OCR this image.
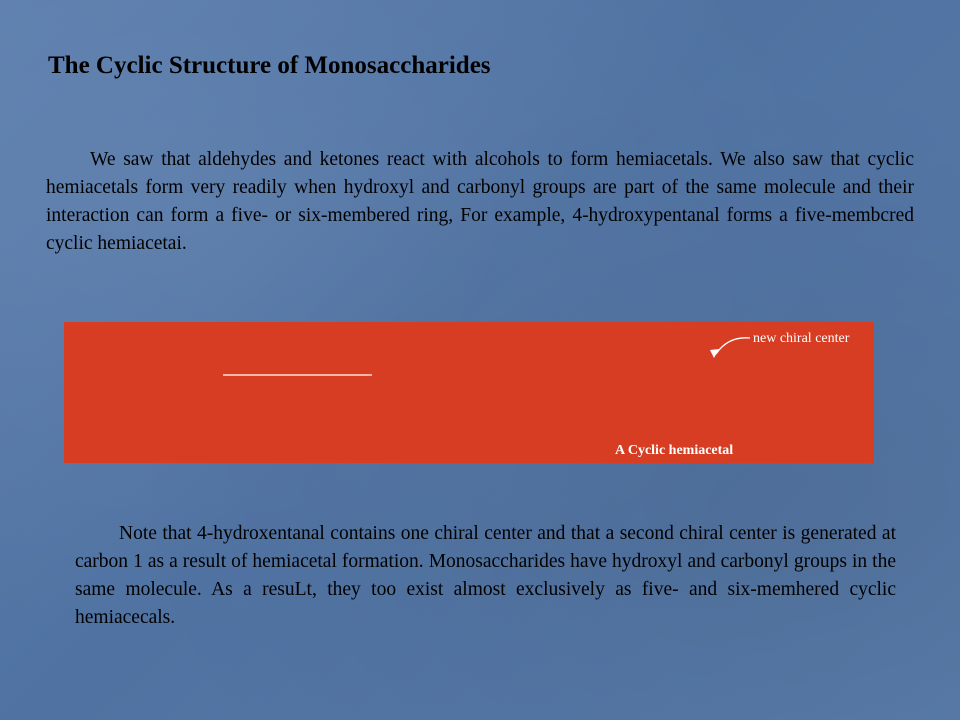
The Cyclic Structure of Monosaccharides

We saw that aldehydes and ketones react with alcohols to form hemiacetals. We also saw that cyclic hemiacetals form very readily when hydroxyl and carbonyl groups are part of the same molecule and their interaction can form a five- or six-membered ring, For example, 4-hydroxypentanal forms a five-membcred cyclic hemiacetai.

new chiral center
A Cyclic hemiacetal

Note that 4-hydroxentanal contains one chiral center and that a second chiral center is generated at carbon 1 as a result of hemiacetal formation. Monosaccharides have hydroxyl and carbonyl groups in the same molecule. As a resuLt, they too exist almost exclusively as five- and six-memhered cyclic hemiacecals.
